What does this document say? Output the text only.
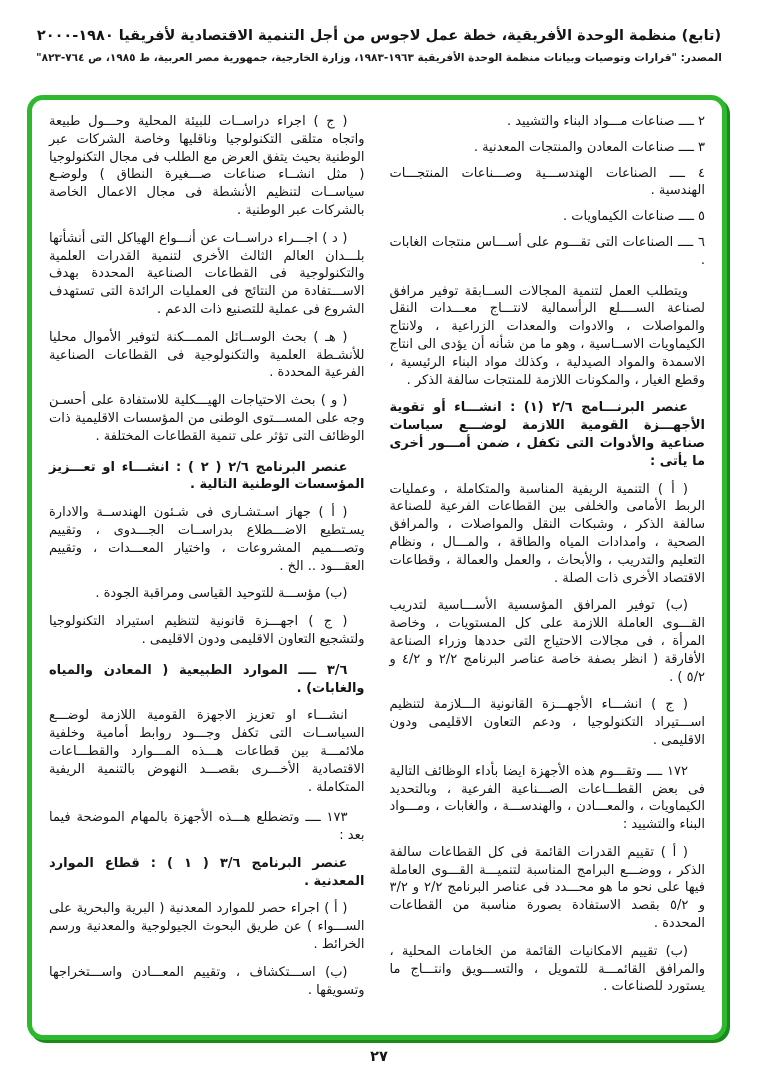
(تابع) منظمة الوحدة الأفريقية، خطة عمل لاجوس من أجل التنمية الاقتصادية لأفريقيا ١٩٨٠-٢٠٠٠
المصدر: "قرارات وتوصيات وبيانات منظمة الوحدة الأفريقية ١٩٦٣-١٩٨٣، وزارة الخارجية، جمهورية مصر العربية، ط ١٩٨٥، ص ٧٦٤-٨٢٣"
٢ ــــ صناعات مـــواد البناء والتشييد .
٣ ــــ صناعات المعادن والمنتجات المعدنية .
٤ ــــ الصناعات الهندســـية وصـــناعات المنتجـــات الهندسية .
٥ ــــ صناعات الكيماويات .
٦ ــــ الصناعات التى تقـــوم على أســـاس منتجات الغابات .
ويتطلب العمل لتنمية المجالات الســابقة توفير مرافق لصناعة الســــلع الرأسمالية لانتـــاج معـــدات النقل والمواصلات ، والادوات والمعدات الزراعية ، ولانتاج الكيماويات الاســاسية ، وهو ما من شأنه أن يؤدى الى انتاج الاسمدة والمواد الصيدلية ، وكذلك مواد البناء الرئيسية ، وقطع الغيار ، والمكونات اللازمة للمنتجات سالفة الذكر .
عنصر البرنـــامج ٢/٦ (١) : انشـــاء أو تقوية الأجهـــزة القومية اللازمة لوضـــع سياسات صناعية والأدوات التى تكفل ، ضمن أمـــور أخرى ما يأتى :
( أ ) التنمية الريفية المناسبة والمتكاملة ، وعمليات الربط الأمامى والخلفى بين القطاعات الفرعية للصناعة سالفة الذكر ، وشبكات النقل والمواصلات ، والمرافق الصحية ، وامدادات المياه والطاقة ، والمـــال ، ونظام التعليم والتدريب ، والأبحاث ، والعمل والعمالة ، وقطاعات الاقتصاد الأخرى ذات الصلة .
(ب) توفير المرافق المؤسسية الأســـاسية لتدريب القـــوى العاملة اللازمة على كل المستويات ، وخاصة المرأة ، فى مجالات الاحتياج التى حددها وزراء الصناعة الأفارقة ( انظر بصفة خاصة عناصر البرنامج ٢/٢ و ٤/٢ و ٥/٢ ) .
( ج ) انشـــاء الأجهـــزة القانونية الـــلازمة لتنظيم اســـتيراد التكنولوجيا ، ودعم التعاون الاقليمى ودون الاقليمى .
١٧٢ ــــ وتقـــوم هذه الأجهزة ايضا بأداء الوظائف التالية فى بعض القطـــاعات الصـــناعية الفرعية ، وبالتحديد الكيماويات ، والمعـــادن ، والهندســـة ، والغابات ، ومـــواد البناء والتشييد :
( أ ) تقييم القدرات القائمة فى كل القطاعات سالفة الذكر ، ووضـــع البرامج المناسبة لتنميـــة القـــوى العاملة فيها على نحو ما هو محـــدد فى عناصر البرنامج ٢/٢ و ٣/٢ و ٥/٢ بقصد الاستفادة بصورة مناسبة من القطاعات المحددة .
(ب) تقييم الامكانيات القائمة من الخامات المحلية ، والمرافق القائمـــة للتمويل ، والتســـويق وانتـــاج ما يستورد للصناعات .
( ج ) اجراء دراســات للبيئة المحلية وحـــول طبيعة واتجاه متلقى التكنولوجيا وناقليها وخاصة الشركات عبر الوطنية بحيث يتفق العرض مع الطلب فى مجال التكنولوجيا ( مثل انشــاء صناعات صـــغيرة النطاق ) ولوضـع سياســات لتنظيم الأنشطة فى مجال الاعمال الخاصة بالشركات عبر الوطنية .
( د ) اجـــراء دراســات عن أنـــواع الهياكل التى أنشأتها بلـــدان العالم الثالث الأخرى لتنمية القدرات العلمية والتكنولوجية فى القطاعات الصناعية المحددة بهدف الاســـتفادة من النتائج فى العمليات الرائدة التى تستهدف الشروع فى عملية للتصنيع ذات الدعم .
( هـ ) بحث الوســائل الممـــكنة لتوفير الأموال محليا للأنشـطة العلمية والتكنولوجية فى القطاعات الصناعية الفرعية المحددة .
( و ) بحث الاحتياجات الهيـــكلية للاستفادة على أحسـن وجه على المســـتوى الوطنى من المؤسسات الاقليمية ذات الوظائف التى تؤثر على تنمية القطاعات المختلفة .
عنصر البرنامج ٢/٦ ( ٢ ) : انشـــاء او تعـــزيز المؤسسات الوطنية التالية .
( أ ) جهاز اسـتشـارى فى شـئون الهندســة والادارة يسـتطيع الاضـــطلاع بدراســات الجـــدوى ، وتقييم وتصـــميم المشروعات ، واختيار المعـــدات ، وتقييم العقـــود .. الخ .
(ب) مؤســـة للتوحيد القياسى ومراقبة الجودة .
( ج ) اجهـــزة قانونية لتنظيم استيراد التكنولوجيا ولتشجيع التعاون الاقليمى ودون الاقليمى .
٣/٦ ــــ الموارد الطبيعية ( المعادن والمياه والغابات) .
انشـــاء او تعزيز الاجهزة القومية اللازمة لوضـــع السياســات التى تكفل وجـــود روابط أمامية وخلفية ملائمـــة بين قطاعات هـــذه المـــوارد والقطـــاعات الاقتصادية الأخـــرى بقصـــد النهوض بالتنمية الريفية المتكاملة .
١٧٣ ــــ وتضطلع هـــذه الأجهزة بالمهام الموضحة فيما بعد :
عنصر البرنامج ٣/٦ ( ١ ) : قطاع الموارد المعدنية .
( أ ) اجراء حصر للموارد المعدنية ( البرية والبحرية على الســـواء ) عن طريق البحوث الجيولوجية والمعدنية ورسم الخرائط .
(ب) اســـتكشاف ، وتقييم المعـــادن واســـتخراجها وتسويقها .
٢٧
